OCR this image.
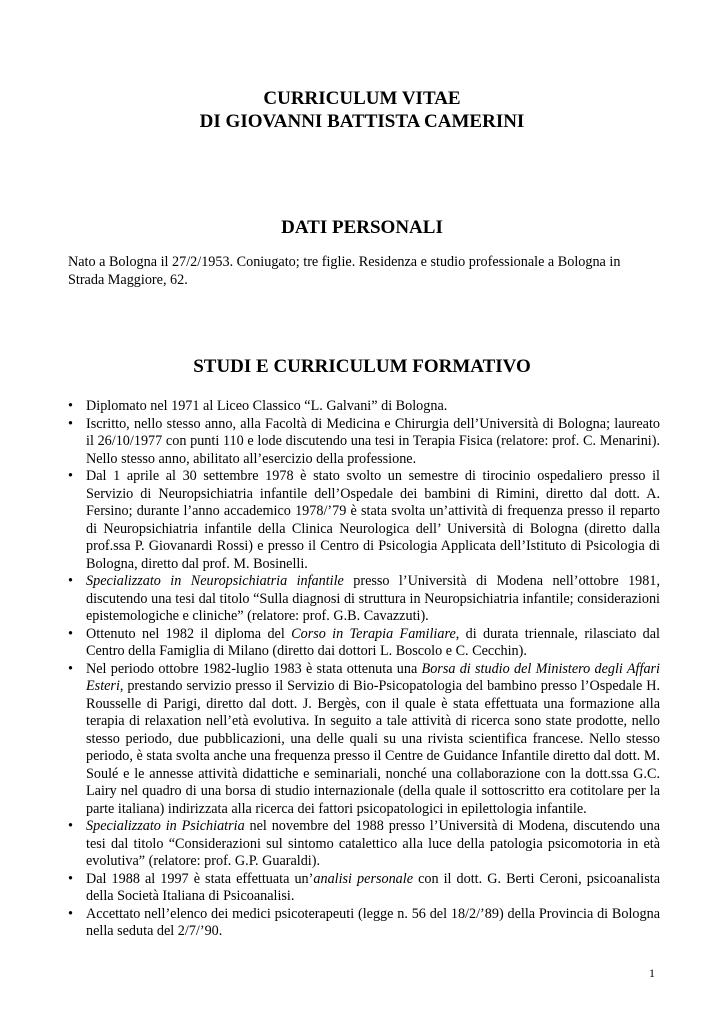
CURRICULUM VITAE
DI GIOVANNI BATTISTA CAMERINI
DATI PERSONALI

Nato a Bologna il 27/2/1953. Coniugato; tre figlie. Residenza e studio professionale a Bologna in Strada Maggiore, 62.

STUDI E CURRICULUM FORMATIVO
• Diplomato nel 1971 al Liceo Classico “L. Galvani” di Bologna.
• Iscritto, nello stesso anno, alla Facoltà di Medicina e Chirurgia dell’Università di Bologna; laureato il 26/10/1977 con punti 110 e lode discutendo una tesi in Terapia Fisica (relatore: prof. C. Menarini). Nello stesso anno, abilitato all’esercizio della professione.
• Dal 1 aprile al 30 settembre 1978 è stato svolto un semestre di tirocinio ospedaliero presso il Servizio di Neuropsichiatria infantile dell’Ospedale dei bambini di Rimini, diretto dal dott. A. Fersino; durante l’anno accademico 1978/’79 è stata svolta un’attività di frequenza presso il reparto di Neuropsichiatria infantile della Clinica Neurologica dell’ Università di Bologna (diretto dalla prof.ssa P. Giovanardi Rossi) e presso il Centro di Psicologia Applicata dell’Istituto di Psicologia di Bologna, diretto dal prof. M. Bosinelli.
• Specializzato in Neuropsichiatria infantile presso l’Università di Modena nell’ottobre 1981, discutendo una tesi dal titolo “Sulla diagnosi di struttura in Neuropsichiatria infantile; considerazioni epistemologiche e cliniche” (relatore: prof. G.B. Cavazzuti).
• Ottenuto nel 1982 il diploma del Corso in Terapia Familiare, di durata triennale, rilasciato dal Centro della Famiglia di Milano (diretto dai dottori L. Boscolo e C. Cecchin).
• Nel periodo ottobre 1982-luglio 1983 è stata ottenuta una Borsa di studio del Ministero degli Affari Esteri, prestando servizio presso il Servizio di Bio-Psicopatologia del bambino presso l’Ospedale H. Rousselle di Parigi, diretto dal dott. J. Bergès, con il quale è stata effettuata una formazione alla terapia di relaxation nell’età evolutiva. In seguito a tale attività di ricerca sono state prodotte, nello stesso periodo, due pubblicazioni, una delle quali su una rivista scientifica francese. Nello stesso periodo, è stata svolta anche una frequenza presso il Centre de Guidance Infantile diretto dal dott. M. Soulé e le annesse attività didattiche e seminariali, nonché una collaborazione con la dott.ssa G.C. Lairy nel quadro di una borsa di studio internazionale (della quale il sottoscritto era cotitolare per la parte italiana) indirizzata alla ricerca dei fattori psicopatologici in epilettologia infantile.
• Specializzato in Psichiatria nel novembre del 1988 presso l’Università di Modena, discutendo una tesi dal titolo “Considerazioni sul sintomo catalettico alla luce della patologia psicomotoria in età evolutiva” (relatore: prof. G.P. Guaraldi).
• Dal 1988 al 1997 è stata effettuata un’analisi personale con il dott. G. Berti Ceroni, psicoanalista della Società Italiana di Psicoanalisi.
• Accettato nell’elenco dei medici psicoterapeuti (legge n. 56 del 18/2/’89) della Provincia di Bologna nella seduta del 2/7/’90.
1
